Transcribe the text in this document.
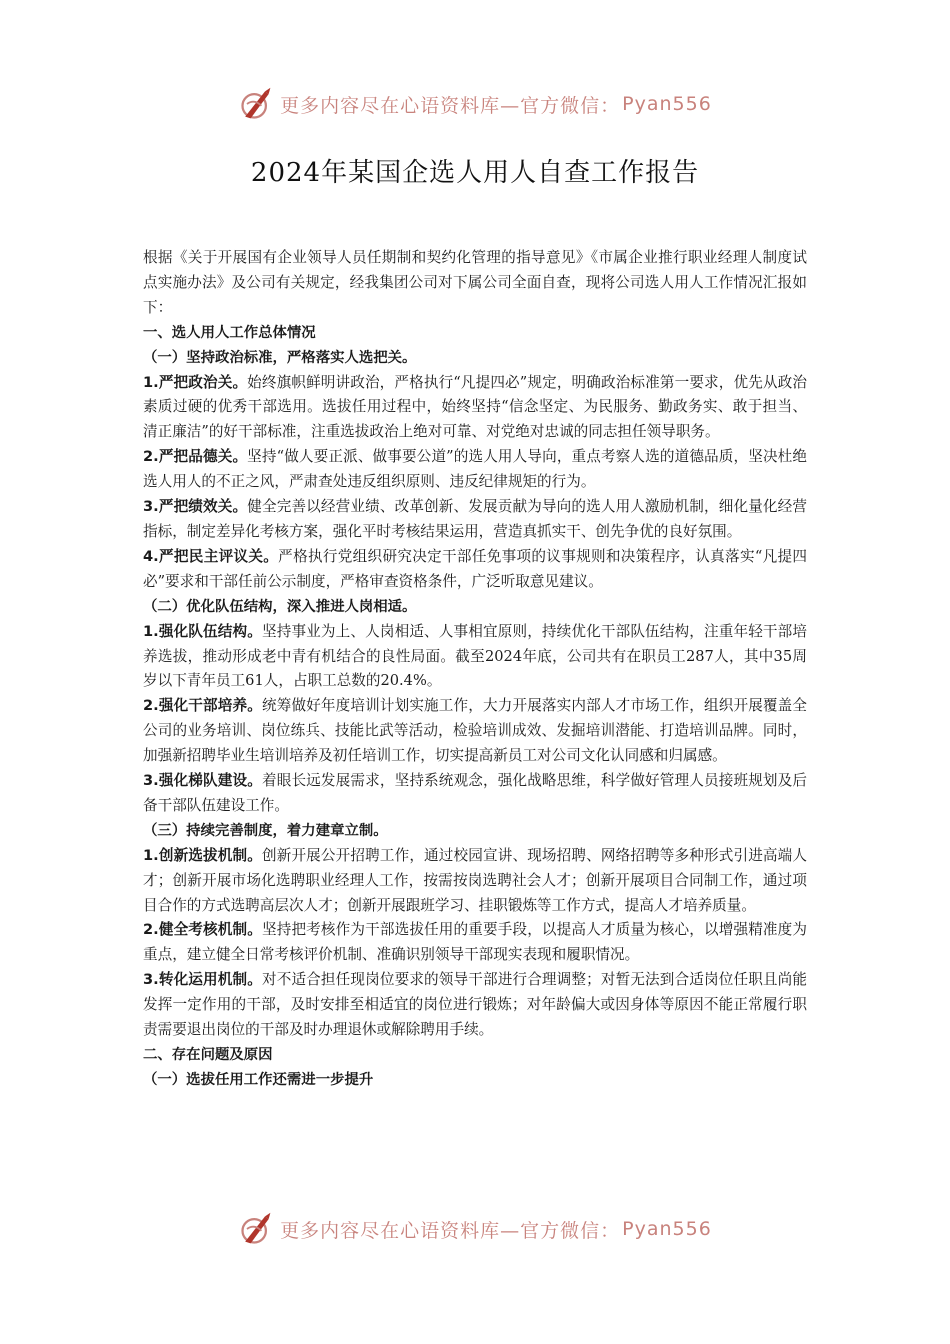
更多内容尽在心语资料库—官方微信： Pyan556
2024年某国企选人用人自查工作报告

根据《关于开展国有企业领导人员任期制和契约化管理的指导意见》《市属企业推行职业经理人制度试点实施办法》及公司有关规定，经我集团公司对下属公司全面自查，现将公司选人用人工作情况汇报如下：

一、选人用人工作总体情况

（一）坚持政治标准，严格落实人选把关。

1.严把政治关。始终旗帜鲜明讲政治，严格执行“凡提四必”规定，明确政治标准第一要求，优先从政治素质过硬的优秀干部选用。选拔任用过程中，始终坚持“信念坚定、为民服务、勤政务实、敢于担当、清正廉洁”的好干部标准，注重选拔政治上绝对可靠、对党绝对忠诚的同志担任领导职务。

2.严把品德关。坚持“做人要正派、做事要公道”的选人用人导向，重点考察人选的道德品质，坚决杜绝选人用人的不正之风，严肃查处违反组织原则、违反纪律规矩的行为。

3.严把绩效关。健全完善以经营业绩、改革创新、发展贡献为导向的选人用人激励机制，细化量化经营指标，制定差异化考核方案，强化平时考核结果运用，营造真抓实干、创先争优的良好氛围。

4.严把民主评议关。严格执行党组织研究决定干部任免事项的议事规则和决策程序，认真落实“凡提四必”要求和干部任前公示制度，严格审查资格条件，广泛听取意见建议。

（二）优化队伍结构，深入推进人岗相适。

1.强化队伍结构。坚持事业为上、人岗相适、人事相宜原则，持续优化干部队伍结构，注重年轻干部培养选拔，推动形成老中青有机结合的良性局面。截至2024年底，公司共有在职员工287人，其中35周岁以下青年员工61人，占职工总数的20.4%。

2.强化干部培养。统筹做好年度培训计划实施工作，大力开展落实内部人才市场工作，组织开展覆盖全公司的业务培训、岗位练兵、技能比武等活动，检验培训成效、发掘培训潜能、打造培训品牌。同时，加强新招聘毕业生培训培养及初任培训工作，切实提高新员工对公司文化认同感和归属感。

3.强化梯队建设。着眼长远发展需求，坚持系统观念，强化战略思维，科学做好管理人员接班规划及后备干部队伍建设工作。

（三）持续完善制度，着力建章立制。

1.创新选拔机制。创新开展公开招聘工作，通过校园宣讲、现场招聘、网络招聘等多种形式引进高端人才；创新开展市场化选聘职业经理人工作，按需按岗选聘社会人才；创新开展项目合同制工作，通过项目合作的方式选聘高层次人才；创新开展跟班学习、挂职锻炼等工作方式，提高人才培养质量。

2.健全考核机制。坚持把考核作为干部选拔任用的重要手段，以提高人才质量为核心，以增强精准度为重点，建立健全日常考核评价机制、准确识别领导干部现实表现和履职情况。

3.转化运用机制。对不适合担任现岗位要求的领导干部进行合理调整；对暂无法到合适岗位任职且尚能发挥一定作用的干部，及时安排至相适宜的岗位进行锻炼；对年龄偏大或因身体等原因不能正常履行职责需要退出岗位的干部及时办理退休或解除聘用手续。

二、存在问题及原因

（一）选拔任用工作还需进一步提升

更多内容尽在心语资料库—官方微信： Pyan556
